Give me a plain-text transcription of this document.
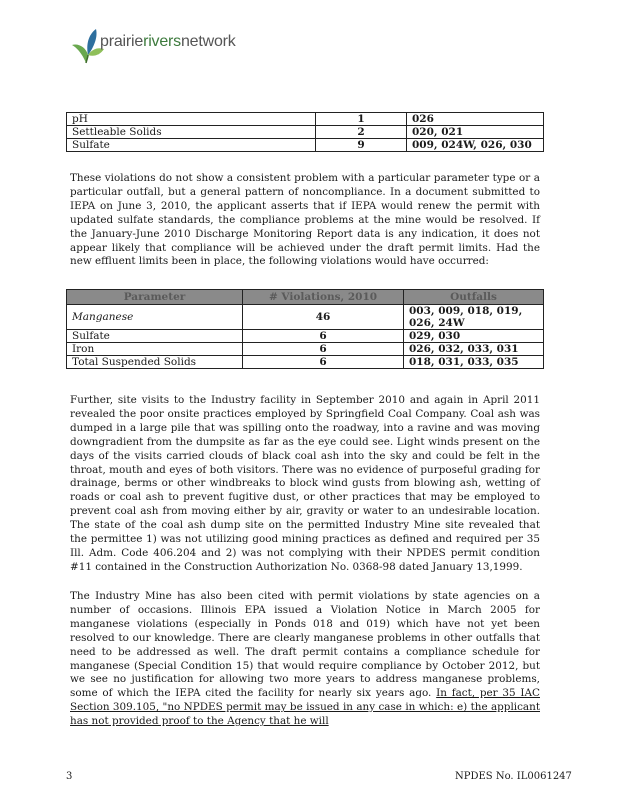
prairieriversnetwork
pH	1	026
Settleable Solids	2	020, 021
Sulfate	9	009, 024W, 026, 030

These violations do not show a consistent problem with a particular parameter type or a particular outfall, but a general pattern of noncompliance. In a document submitted to IEPA on June 3, 2010, the applicant asserts that if IEPA would renew the permit with updated sulfate standards, the compliance problems at the mine would be resolved. If the January-June 2010 Discharge Monitoring Report data is any indication, it does not appear likely that compliance will be achieved under the draft permit limits. Had the new effluent limits been in place, the following violations would have occurred:

Parameter	# Violations, 2010	Outfalls
Manganese	46	003, 009, 018, 019, 026, 24W
Sulfate	6	029, 030
Iron	6	026, 032, 033, 031
Total Suspended Solids	6	018, 031, 033, 035

Further, site visits to the Industry facility in September 2010 and again in April 2011 revealed the poor onsite practices employed by Springfield Coal Company. Coal ash was dumped in a large pile that was spilling onto the roadway, into a ravine and was moving downgradient from the dumpsite as far as the eye could see. Light winds present on the days of the visits carried clouds of black coal ash into the sky and could be felt in the throat, mouth and eyes of both visitors. There was no evidence of purposeful grading for drainage, berms or other windbreaks to block wind gusts from blowing ash, wetting of roads or coal ash to prevent fugitive dust, or other practices that may be employed to prevent coal ash from moving either by air, gravity or water to an undesirable location. The state of the coal ash dump site on the permitted Industry Mine site revealed that the permittee 1) was not utilizing good mining practices as defined and required per 35 Ill. Adm. Code 406.204 and 2) was not complying with their NPDES permit condition #11 contained in the Construction Authorization No. 0368-98 dated January 13,1999.

The Industry Mine has also been cited with permit violations by state agencies on a number of occasions. Illinois EPA issued a Violation Notice in March 2005 for manganese violations (especially in Ponds 018 and 019) which have not yet been resolved to our knowledge. There are clearly manganese problems in other outfalls that need to be addressed as well. The draft permit contains a compliance schedule for manganese (Special Condition 15) that would require compliance by October 2012, but we see no justification for allowing two more years to address manganese problems, some of which the IEPA cited the facility for nearly six years ago. In fact, per 35 IAC Section 309.105, "no NPDES permit may be issued in any case in which: e) the applicant has not provided proof to the Agency that he will

3	NPDES No. IL0061247
